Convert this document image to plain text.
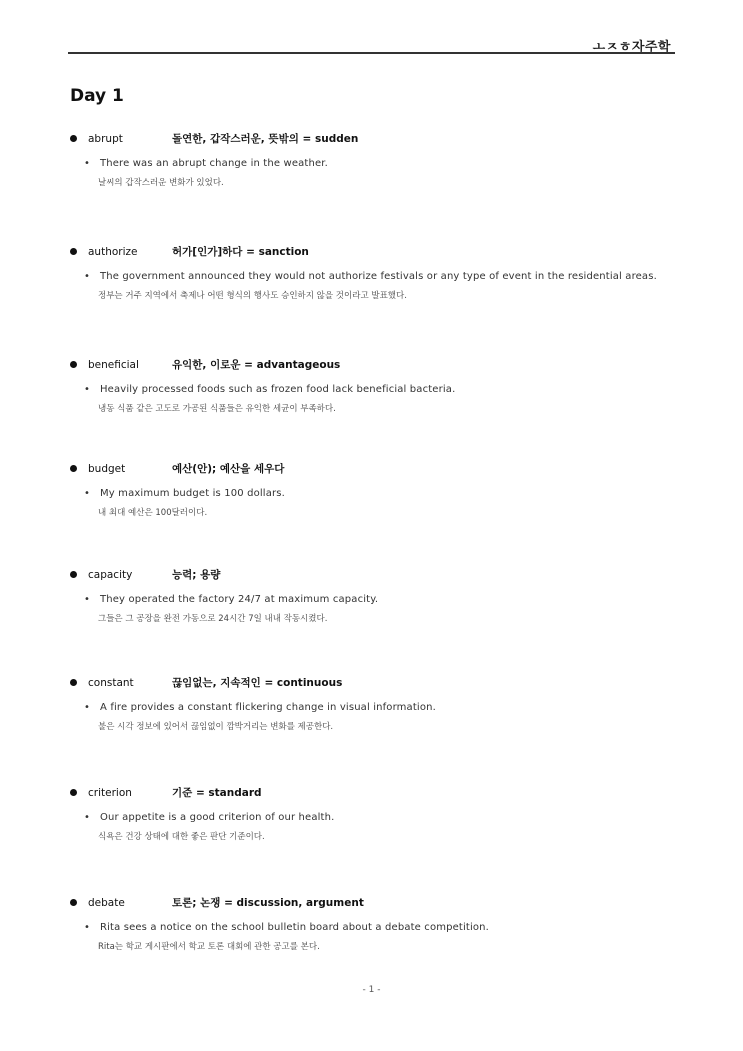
ㅗㅈㅎ자주학
Day 1
abrupt	돌연한, 갑작스러운, 뜻밖의 = sudden
• There was an abrupt change in the weather.
날씨의 갑작스러운 변화가 있었다.
authorize	허가[인가]하다 = sanction
• The government announced they would not authorize festivals or any type of event in the residential areas.
정부는 거주 지역에서 축제나 어떤 형식의 행사도 승인하지 않을 것이라고 발표했다.
beneficial	유익한, 이로운 = advantageous
• Heavily processed foods such as frozen food lack beneficial bacteria.
냉동 식품 같은 고도로 가공된 식품들은 유익한 세균이 부족하다.
budget	예산(안); 예산을 세우다
• My maximum budget is 100 dollars.
내 최대 예산은 100달러이다.
capacity	능력; 용량
• They operated the factory 24/7 at maximum capacity.
그들은 그 공장을 완전 가동으로 24시간 7일 내내 작동시켰다.
constant	끊임없는, 지속적인 = continuous
• A fire provides a constant flickering change in visual information.
불은 시각 정보에 있어서 끊임없이 깜박거리는 변화를 제공한다.
criterion	기준 = standard
• Our appetite is a good criterion of our health.
식욕은 건강 상태에 대한 좋은 판단 기준이다.
debate	토론; 논쟁 = discussion, argument
• Rita sees a notice on the school bulletin board about a debate competition.
Rita는 학교 게시판에서 학교 토론 대회에 관한 공고를 본다.
- 1 -
